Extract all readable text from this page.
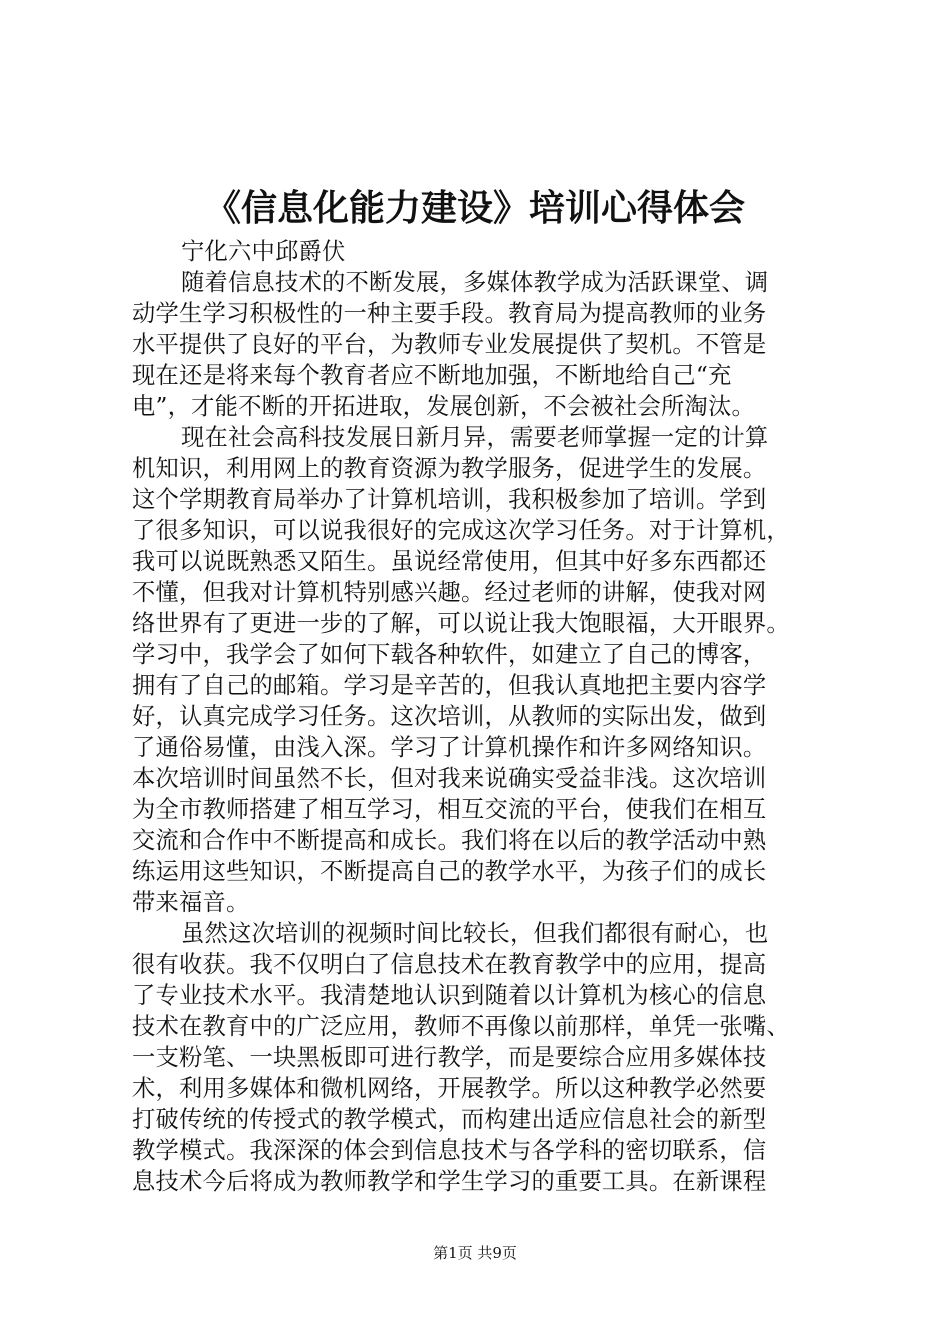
《信息化能力建设》培训心得体会
宁化六中邱爵伏
随着信息技术的不断发展，多媒体教学成为活跃课堂、调
动学生学习积极性的一种主要手段。教育局为提高教师的业务
水平提供了良好的平台，为教师专业发展提供了契机。不管是
现在还是将来每个教育者应不断地加强，不断地给自己“充
电”，才能不断的开拓进取，发展创新，不会被社会所淘汰。
现在社会高科技发展日新月异，需要老师掌握一定的计算
机知识，利用网上的教育资源为教学服务，促进学生的发展。
这个学期教育局举办了计算机培训，我积极参加了培训。学到
了很多知识，可以说我很好的完成这次学习任务。对于计算机，
我可以说既熟悉又陌生。虽说经常使用，但其中好多东西都还
不懂，但我对计算机特别感兴趣。经过老师的讲解，使我对网
络世界有了更进一步的了解，可以说让我大饱眼福，大开眼界。
学习中，我学会了如何下载各种软件，如建立了自己的博客，
拥有了自己的邮箱。学习是辛苦的，但我认真地把主要内容学
好，认真完成学习任务。这次培训，从教师的实际出发，做到
了通俗易懂，由浅入深。学习了计算机操作和许多网络知识。
本次培训时间虽然不长，但对我来说确实受益非浅。这次培训
为全市教师搭建了相互学习，相互交流的平台，使我们在相互
交流和合作中不断提高和成长。我们将在以后的教学活动中熟
练运用这些知识，不断提高自己的教学水平，为孩子们的成长
带来福音。
虽然这次培训的视频时间比较长，但我们都很有耐心，也
很有收获。我不仅明白了信息技术在教育教学中的应用，提高
了专业技术水平。我清楚地认识到随着以计算机为核心的信息
技术在教育中的广泛应用，教师不再像以前那样，单凭一张嘴、
一支粉笔、一块黑板即可进行教学，而是要综合应用多媒体技
术，利用多媒体和微机网络，开展教学。所以这种教学必然要
打破传统的传授式的教学模式，而构建出适应信息社会的新型
教学模式。我深深的体会到信息技术与各学科的密切联系，信
息技术今后将成为教师教学和学生学习的重要工具。在新课程
第1页 共9页
